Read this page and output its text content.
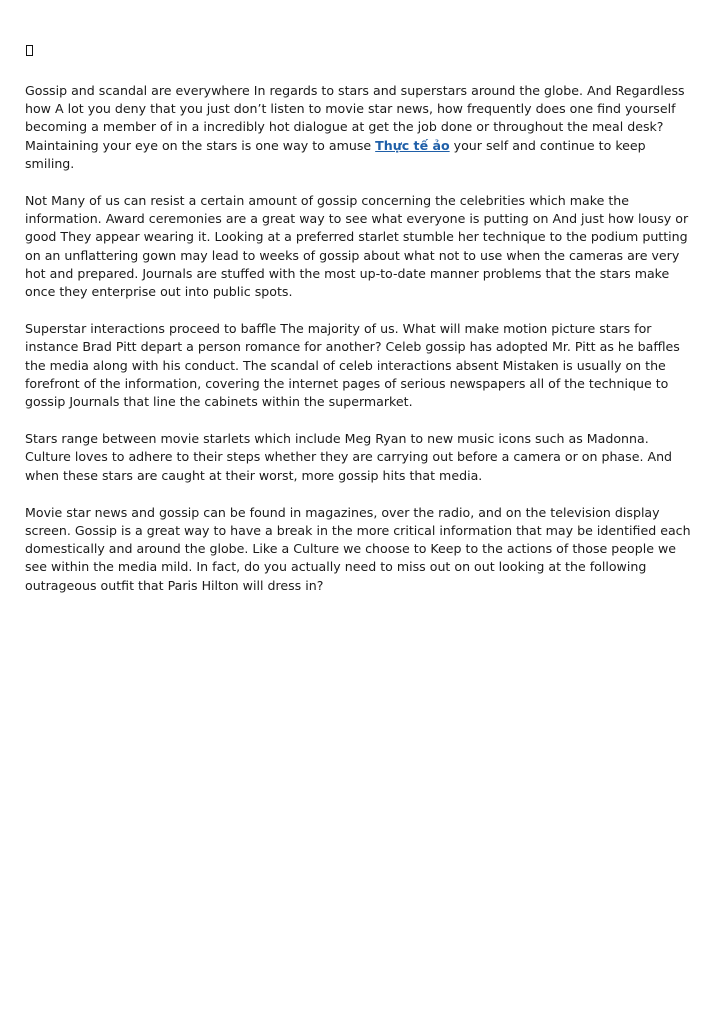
Gossip and scandal are everywhere In regards to stars and superstars around the globe. And Regardless how A lot you deny that you just don’t listen to movie star news, how frequently does one find yourself becoming a member of in a incredibly hot dialogue at get the job done or throughout the meal desk? Maintaining your eye on the stars is one way to amuse Thực tế ảo your self and continue to keep smiling.

Not Many of us can resist a certain amount of gossip concerning the celebrities which make the information. Award ceremonies are a great way to see what everyone is putting on And just how lousy or good They appear wearing it. Looking at a preferred starlet stumble her technique to the podium putting on an unflattering gown may lead to weeks of gossip about what not to use when the cameras are very hot and prepared. Journals are stuffed with the most up-to-date manner problems that the stars make once they enterprise out into public spots.

Superstar interactions proceed to baffle The majority of us. What will make motion picture stars for instance Brad Pitt depart a person romance for another? Celeb gossip has adopted Mr. Pitt as he baffles the media along with his conduct. The scandal of celeb interactions absent Mistaken is usually on the forefront of the information, covering the internet pages of serious newspapers all of the technique to gossip Journals that line the cabinets within the supermarket.

Stars range between movie starlets which include Meg Ryan to new music icons such as Madonna. Culture loves to adhere to their steps whether they are carrying out before a camera or on phase. And when these stars are caught at their worst, more gossip hits that media.

Movie star news and gossip can be found in magazines, over the radio, and on the television display screen. Gossip is a great way to have a break in the more critical information that may be identified each domestically and around the globe. Like a Culture we choose to Keep to the actions of those people we see within the media mild. In fact, do you actually need to miss out on out looking at the following outrageous outfit that Paris Hilton will dress in?
